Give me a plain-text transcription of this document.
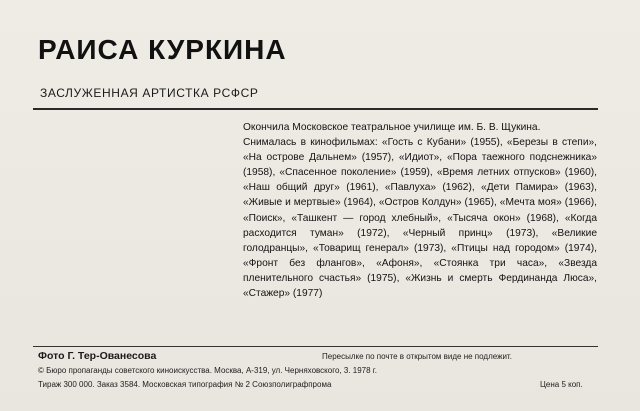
РАИСА КУРКИНА
ЗАСЛУЖЕННАЯ АРТИСТКА РСФСР

Окончила Московское театральное училище им. Б. В. Щукина.

Снималась в кинофильмах: «Гость с Кубани» (1955), «Березы в степи», «На острове Дальнем» (1957), «Идиот», «Пора таежного подснежника» (1958), «Спасенное поколение» (1959), «Время летних отпусков» (1960), «Наш общий друг» (1961), «Павлуха» (1962), «Дети Памира» (1963), «Живые и мертвые» (1964), «Остров Колдун» (1965), «Мечта моя» (1966), «Поиск», «Ташкент — город хлебный», «Тысяча окон» (1968), «Когда расходится туман» (1972), «Черный принц» (1973), «Великие голодранцы», «Товарищ генерал» (1973), «Птицы над городом» (1974), «Фронт без флангов», «Афоня», «Стоянка три часа», «Звезда пленительного счастья» (1975), «Жизнь и смерть Фердинанда Люса», «Стажер» (1977)

Фото Г. Тер-Ованесова	Пересылке по почте в открытом виде не подлежит.
© Бюро пропаганды советского киноискусства. Москва, А-319, ул. Черняховского, 3. 1978 г.
Тираж 300 000. Заказ 3584. Московская типография № 2 Союзполиграфпрома	Цена 5 коп.
